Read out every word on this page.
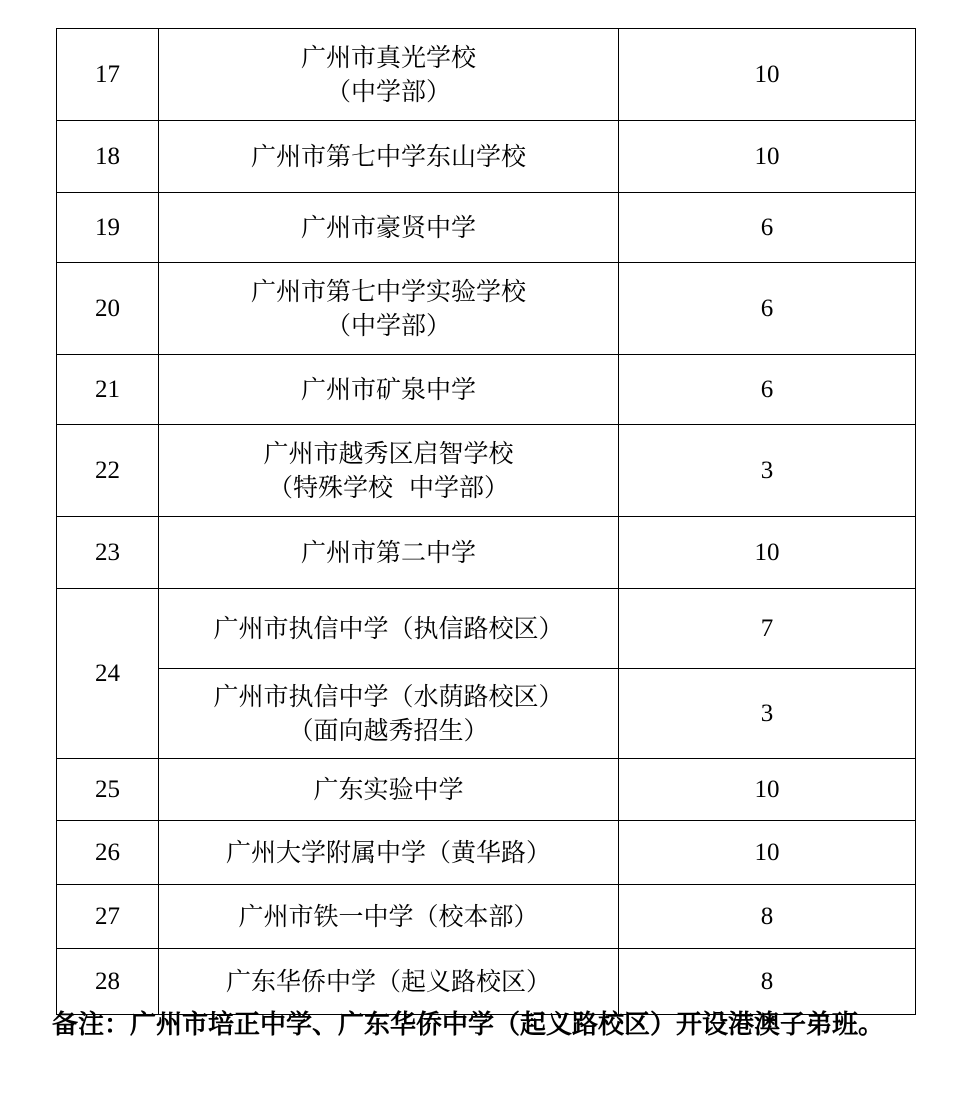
17	广州市真光学校
（中学部）	10
18	广州市第七中学东山学校	10
19	广州市豪贤中学	6
20	广州市第七中学实验学校
（中学部）	6
21	广州市矿泉中学	6
22	广州市越秀区启智学校
（特殊学校  中学部）	3
23	广州市第二中学	10
24	广州市执信中学（执信路校区）	7

	广州市执信中学（水荫路校区）
（面向越秀招生）	3
25	广东实验中学	10
26	广州大学附属中学（黄华路）	10
27	广州市铁一中学（校本部）	8
28	广东华侨中学（起义路校区）	8
备注：广州市培正中学、广东华侨中学（起义路校区）开设港澳子弟班。
